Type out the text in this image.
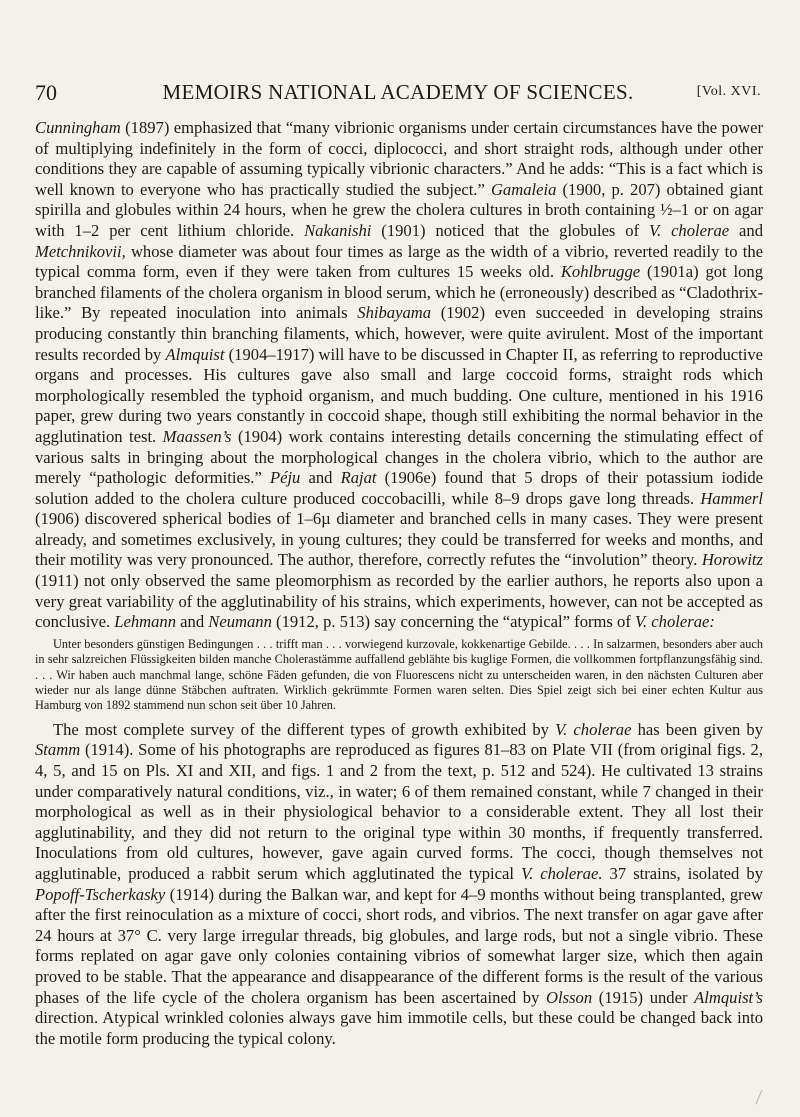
70	MEMOIRS NATIONAL ACADEMY OF SCIENCES.	[Vol. XVI.

Cunningham (1897) emphasized that “many vibrionic organisms under certain circumstances have the power of multiplying indefinitely in the form of cocci, diplococci, and short straight rods, although under other conditions they are capable of assuming typically vibrionic characters.” And he adds: “This is a fact which is well known to everyone who has practically studied the subject.” Gamaleia (1900, p. 207) obtained giant spirilla and globules within 24 hours, when he grew the cholera cultures in broth containing ½–1 or on agar with 1–2 per cent lithium chloride. Nakanishi (1901) noticed that the globules of V. cholerae and Metchnikovii, whose diameter was about four times as large as the width of a vibrio, reverted readily to the typical comma form, even if they were taken from cultures 15 weeks old. Kohlbrugge (1901a) got long branched filaments of the cholera organism in blood serum, which he (erroneously) described as “Cladothrix-like.” By repeated inoculation into animals Shibayama (1902) even succeeded in developing strains producing constantly thin branching filaments, which, however, were quite avirulent. Most of the important results recorded by Almquist (1904–1917) will have to be discussed in Chapter II, as referring to reproductive organs and processes. His cultures gave also small and large coccoid forms, straight rods which morphologically resembled the typhoid organism, and much budding. One culture, mentioned in his 1916 paper, grew during two years constantly in coccoid shape, though still exhibiting the normal behavior in the agglutination test. Maassen’s (1904) work contains interesting details concerning the stimulating effect of various salts in bringing about the morphological changes in the cholera vibrio, which to the author are merely “pathologic deformities.” Péju and Rajat (1906e) found that 5 drops of their potassium iodide solution added to the cholera culture produced coccobacilli, while 8–9 drops gave long threads. Hammerl (1906) discovered spherical bodies of 1–6µ diameter and branched cells in many cases. They were present already, and sometimes exclusively, in young cultures; they could be transferred for weeks and months, and their motility was very pronounced. The author, therefore, correctly refutes the “involution” theory. Horowitz (1911) not only observed the same pleomorphism as recorded by the earlier authors, he reports also upon a very great variability of the agglutinability of his strains, which experiments, however, can not be accepted as conclusive. Lehmann and Neumann (1912, p. 513) say concerning the “atypical” forms of V. cholerae:

Unter besonders günstigen Bedingungen . . . trifft man . . . vorwiegend kurzovale, kokkenartige Gebilde. . . . In salzarmen, besonders aber auch in sehr salzreichen Flüssigkeiten bilden manche Cholerastämme auffallend geblähte bis kuglige Formen, die vollkommen fortpflanzungsfähig sind. . . . Wir haben auch manchmal lange, schöne Fäden gefunden, die von Fluorescens nicht zu unterscheiden waren, in den nächsten Culturen aber wieder nur als lange dünne Stäbchen auftraten. Wirklich gekrümmte Formen waren selten. Dies Spiel zeigt sich bei einer echten Kultur aus Hamburg von 1892 stammend nun schon seit über 10 Jahren.

The most complete survey of the different types of growth exhibited by V. cholerae has been given by Stamm (1914). Some of his photographs are reproduced as figures 81–83 on Plate VII (from original figs. 2, 4, 5, and 15 on Pls. XI and XII, and figs. 1 and 2 from the text, p. 512 and 524). He cultivated 13 strains under comparatively natural conditions, viz., in water; 6 of them remained constant, while 7 changed in their morphological as well as in their physiological behavior to a considerable extent. They all lost their agglutinability, and they did not return to the original type within 30 months, if frequently transferred. Inoculations from old cultures, however, gave again curved forms. The cocci, though themselves not agglutinable, produced a rabbit serum which agglutinated the typical V. cholerae. 37 strains, isolated by Popoff-Tscherkasky (1914) during the Balkan war, and kept for 4–9 months without being transplanted, grew after the first reinoculation as a mixture of cocci, short rods, and vibrios. The next transfer on agar gave after 24 hours at 37° C. very large irregular threads, big globules, and large rods, but not a single vibrio. These forms replated on agar gave only colonies containing vibrios of somewhat larger size, which then again proved to be stable. That the appearance and disappearance of the different forms is the result of the various phases of the life cycle of the cholera organism has been ascertained by Olsson (1915) under Almquist’s direction. Atypical wrinkled colonies always gave him immotile cells, but these could be changed back into the motile form producing the typical colony.
